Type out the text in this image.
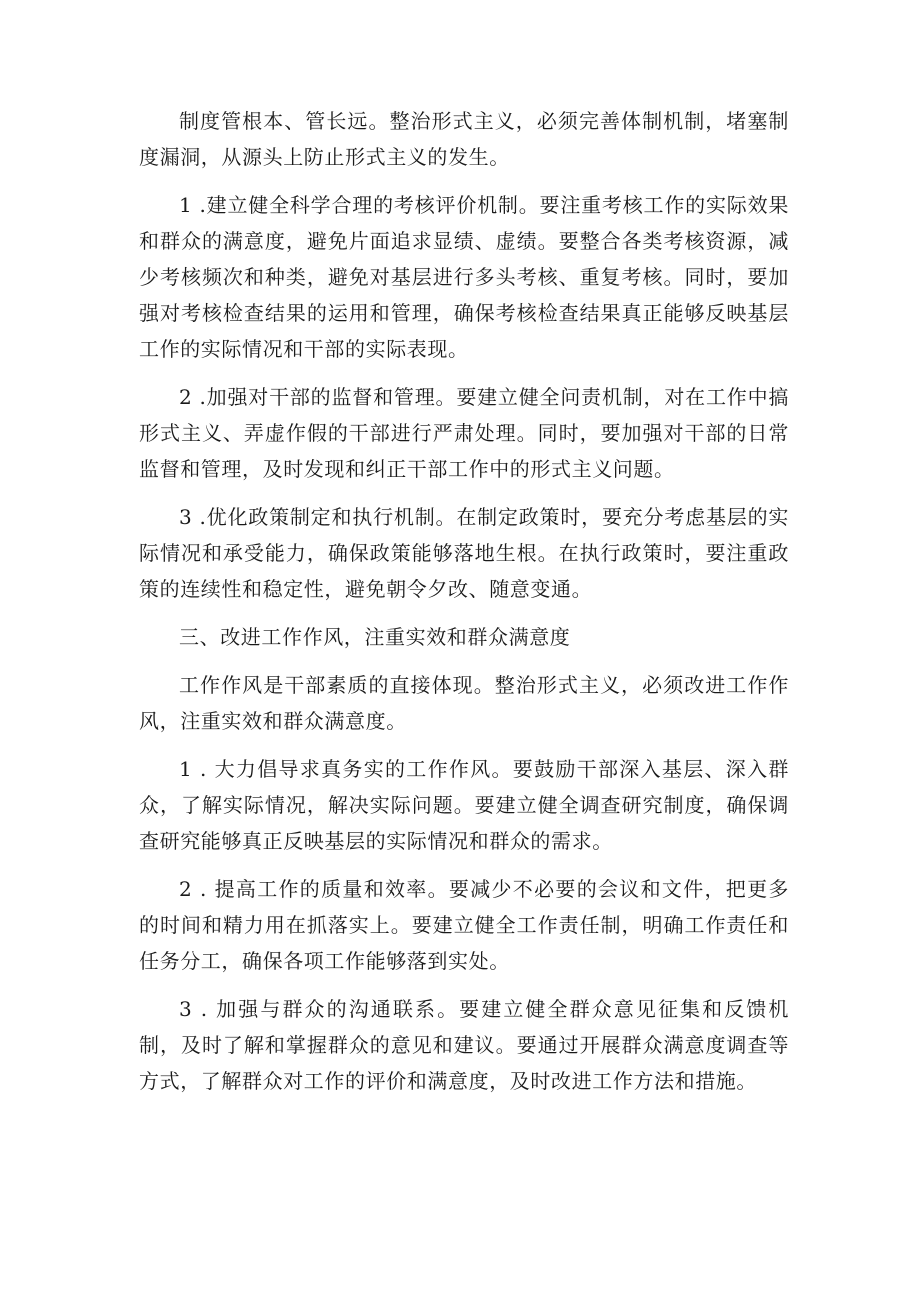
制度管根本、管长远。整治形式主义，必须完善体制机制，堵塞制度漏洞，从源头上防止形式主义的发生。

1 .建立健全科学合理的考核评价机制。要注重考核工作的实际效果和群众的满意度，避免片面追求显绩、虚绩。要整合各类考核资源，减少考核频次和种类，避免对基层进行多头考核、重复考核。同时，要加强对考核检查结果的运用和管理，确保考核检查结果真正能够反映基层工作的实际情况和干部的实际表现。

2 .加强对干部的监督和管理。要建立健全问责机制，对在工作中搞形式主义、弄虚作假的干部进行严肃处理。同时，要加强对干部的日常监督和管理，及时发现和纠正干部工作中的形式主义问题。

3 .优化政策制定和执行机制。在制定政策时，要充分考虑基层的实际情况和承受能力，确保政策能够落地生根。在执行政策时，要注重政策的连续性和稳定性，避免朝令夕改、随意变通。

三、改进工作作风，注重实效和群众满意度

工作作风是干部素质的直接体现。整治形式主义，必须改进工作作风，注重实效和群众满意度。

1 . 大力倡导求真务实的工作作风。要鼓励干部深入基层、深入群众，了解实际情况，解决实际问题。要建立健全调查研究制度，确保调查研究能够真正反映基层的实际情况和群众的需求。

2 . 提高工作的质量和效率。要减少不必要的会议和文件，把更多的时间和精力用在抓落实上。要建立健全工作责任制，明确工作责任和任务分工，确保各项工作能够落到实处。

3 . 加强与群众的沟通联系。要建立健全群众意见征集和反馈机制，及时了解和掌握群众的意见和建议。要通过开展群众满意度调查等方式，了解群众对工作的评价和满意度，及时改进工作方法和措施。
